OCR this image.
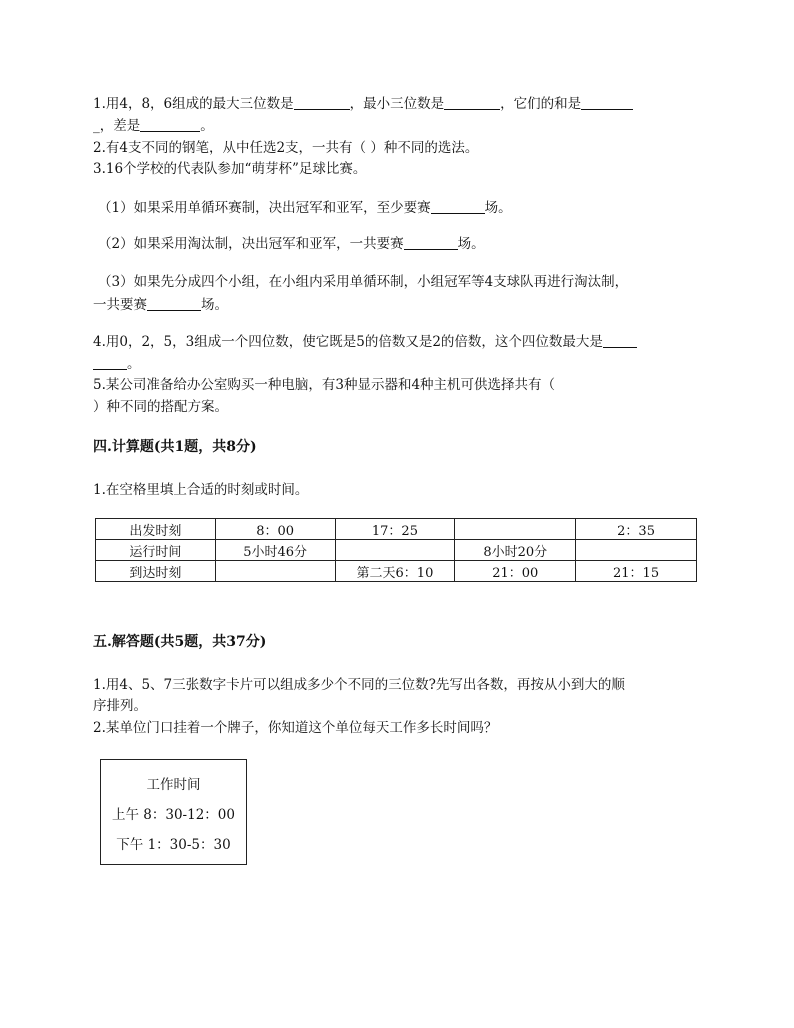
1.用4，8，6组成的最大三位数是	，最小三位数是	，它们的和是
_，差是	。
2.有4支不同的钢笔，从中任选2支，一共有（ ）种不同的选法。
3.16个学校的代表队参加“萌芽杯”足球比赛。
（1）如果采用单循环赛制，决出冠军和亚军，至少要赛	场。
（2）如果采用淘汰制，决出冠军和亚军，一共要赛	场。
（3）如果先分成四个小组，在小组内采用单循环制，小组冠军等4支球队再进行淘汰制，
一共要赛	场。
4.用0，2，5，3组成一个四位数，使它既是5的倍数又是2的倍数，这个四位数最大是
。
5.某公司准备给办公室购买一种电脑，有3种显示器和4种主机可供选择共有（
）种不同的搭配方案。
四.计算题(共1题，共8分)
1.在空格里填上合适的时刻或时间。
出发时刻	8：00	17：25		2：35
运行时间	5小时46分		8小时20分	
到达时刻		第二天6：10	21：00	21：15
五.解答题(共5题，共37分)
1.用4、5、7三张数字卡片可以组成多少个不同的三位数?先写出各数，再按从小到大的顺
序排列。
2.某单位门口挂着一个牌子，你知道这个单位每天工作多长时间吗？
工作时间
上午 8：30-12：00
下午 1：30-5：30
